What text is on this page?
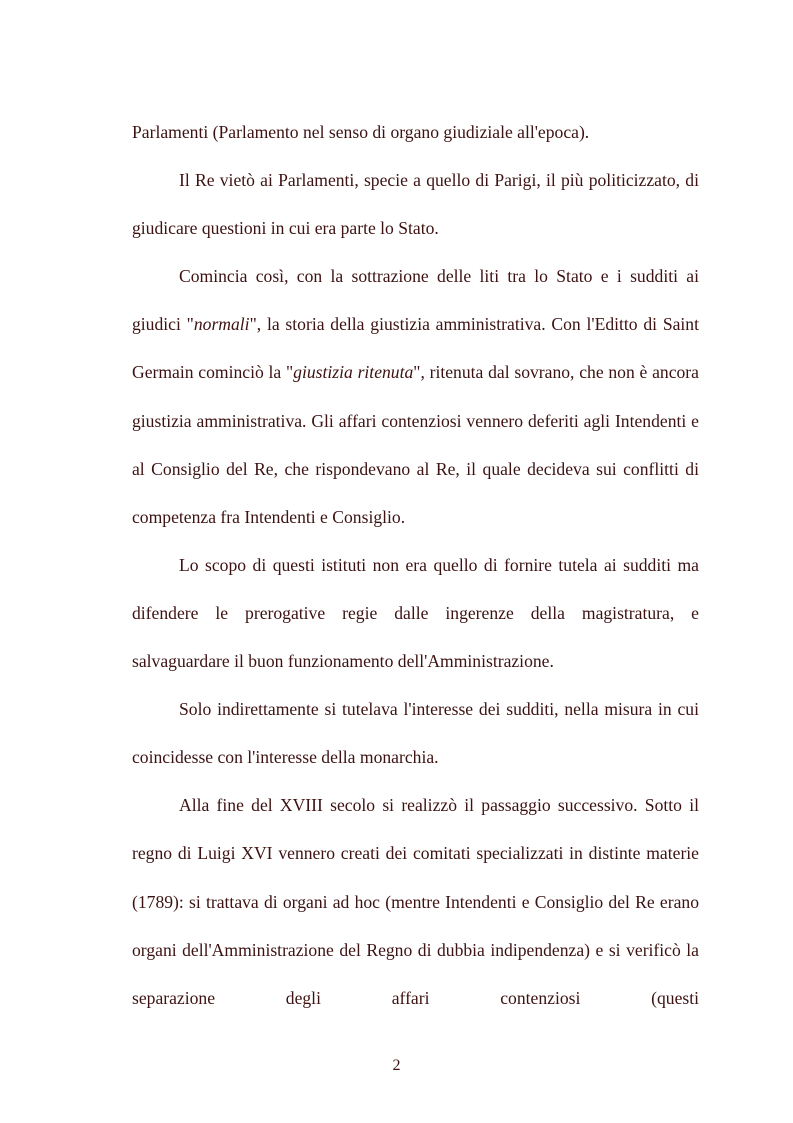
Parlamenti (Parlamento nel senso di organo giudiziale all'epoca).

Il Re vietò ai Parlamenti, specie a quello di Parigi, il più politicizzato, di giudicare questioni in cui era parte lo Stato.

Comincia così, con la sottrazione delle liti tra lo Stato e i sudditi ai giudici "normali", la storia della giustizia amministrativa. Con l'Editto di Saint Germain cominciò la "giustizia ritenuta", ritenuta dal sovrano, che non è ancora giustizia amministrativa. Gli affari contenziosi vennero deferiti agli Intendenti e al Consiglio del Re, che rispondevano al Re, il quale decideva sui conflitti di competenza fra Intendenti e Consiglio.

Lo scopo di questi istituti non era quello di fornire tutela ai sudditi ma difendere le prerogative regie dalle ingerenze della magistratura, e salvaguardare il buon funzionamento dell'Amministrazione.

Solo indirettamente si tutelava l'interesse dei sudditi, nella misura in cui coincidesse con l'interesse della monarchia.

Alla fine del XVIII secolo si realizzò il passaggio successivo. Sotto il regno di Luigi XVI vennero creati dei comitati specializzati in distinte materie (1789): si trattava di organi ad hoc (mentre Intendenti e Consiglio del Re erano organi dell'Amministrazione del Regno di dubbia indipendenza) e si verificò la separazione degli affari contenziosi (questi

2
